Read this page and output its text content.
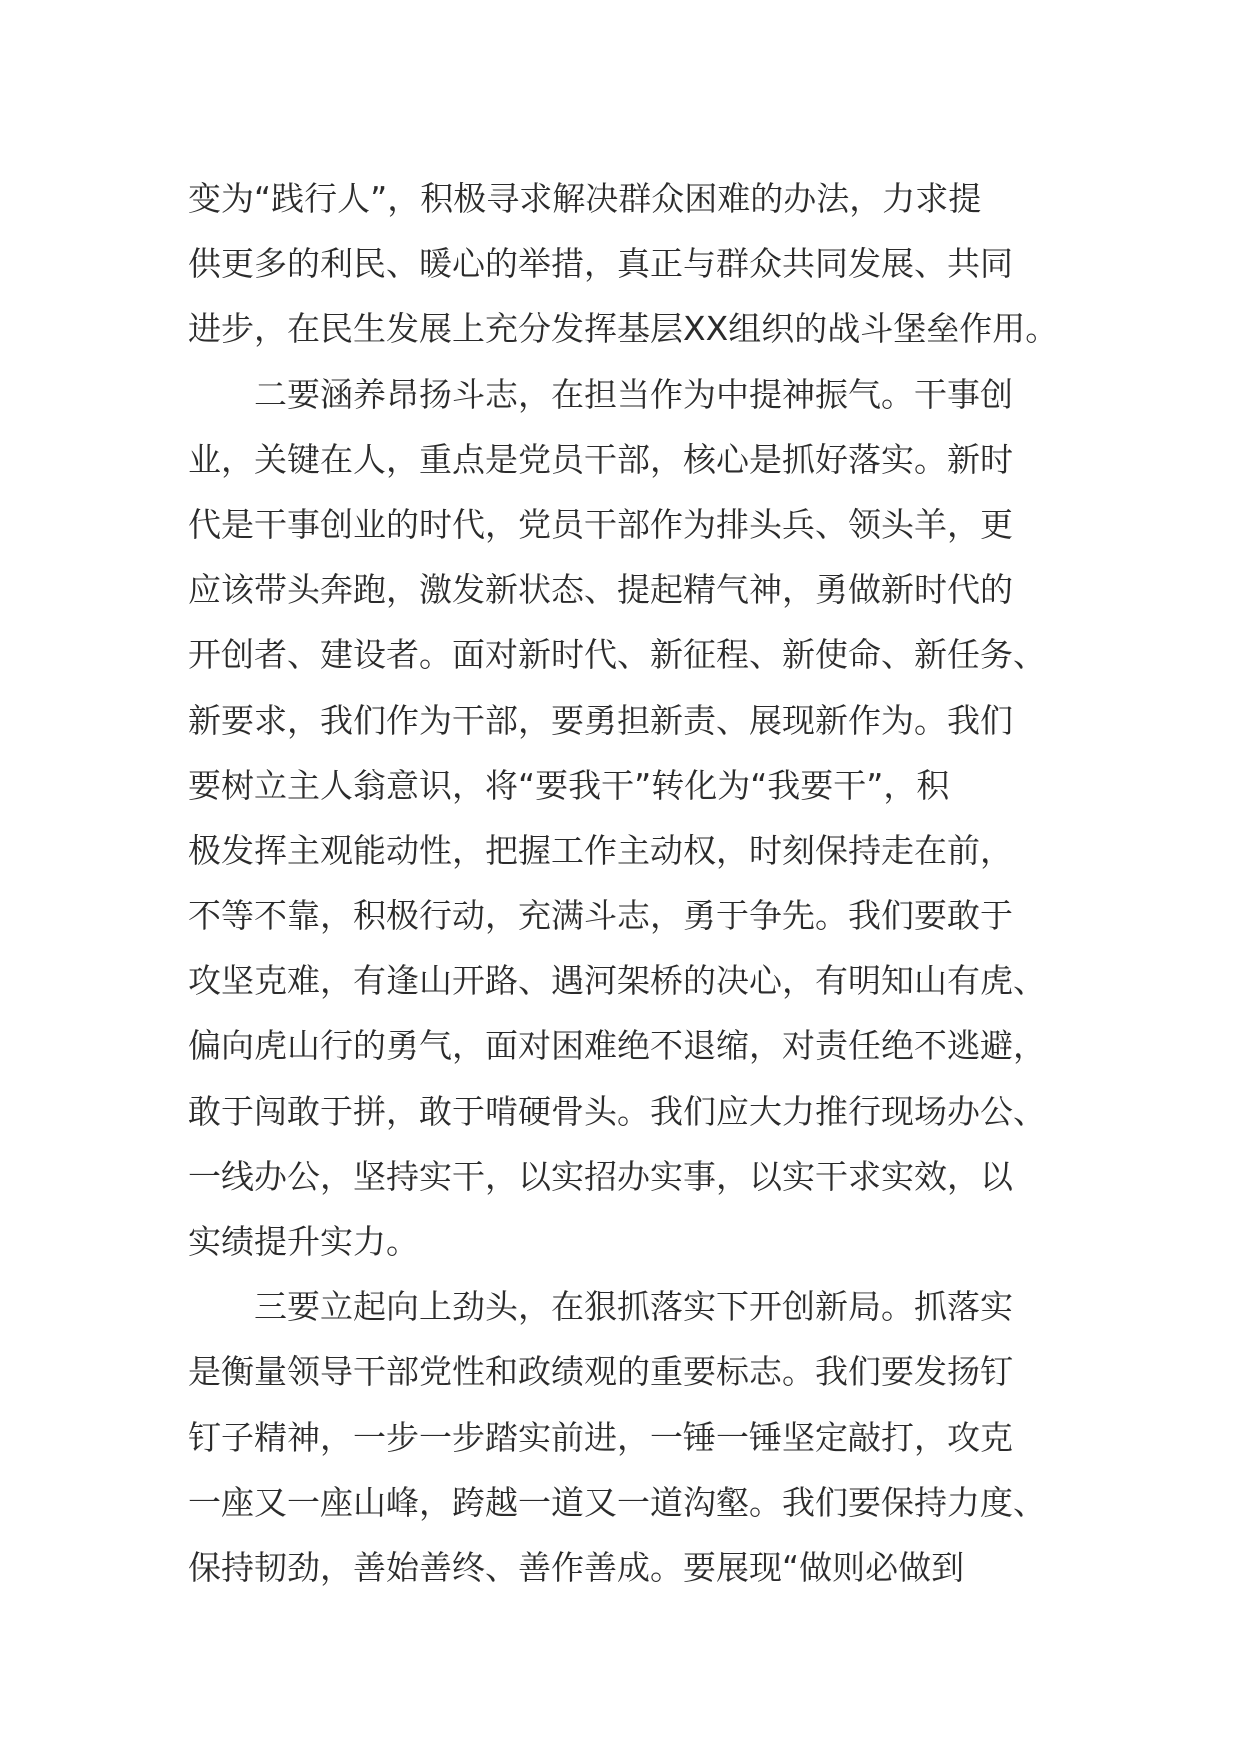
变为“践行人”，积极寻求解决群众困难的办法，力求提
供更多的利民、暖心的举措，真正与群众共同发展、共同
进步，在民生发展上充分发挥基层XX组织的战斗堡垒作用。
　　二要涵养昂扬斗志，在担当作为中提神振气。干事创
业，关键在人，重点是党员干部，核心是抓好落实。新时
代是干事创业的时代，党员干部作为排头兵、领头羊，更
应该带头奔跑，激发新状态、提起精气神，勇做新时代的
开创者、建设者。面对新时代、新征程、新使命、新任务、
新要求，我们作为干部，要勇担新责、展现新作为。我们
要树立主人翁意识，将“要我干”转化为“我要干”，积
极发挥主观能动性，把握工作主动权，时刻保持走在前，
不等不靠，积极行动，充满斗志，勇于争先。我们要敢于
攻坚克难，有逢山开路、遇河架桥的决心，有明知山有虎、
偏向虎山行的勇气，面对困难绝不退缩，对责任绝不逃避，
敢于闯敢于拼，敢于啃硬骨头。我们应大力推行现场办公、
一线办公，坚持实干，以实招办实事，以实干求实效，以
实绩提升实力。
　　三要立起向上劲头，在狠抓落实下开创新局。抓落实
是衡量领导干部党性和政绩观的重要标志。我们要发扬钉
钉子精神，一步一步踏实前进，一锤一锤坚定敲打，攻克
一座又一座山峰，跨越一道又一道沟壑。我们要保持力度、
保持韧劲，善始善终、善作善成。要展现“做则必做到
